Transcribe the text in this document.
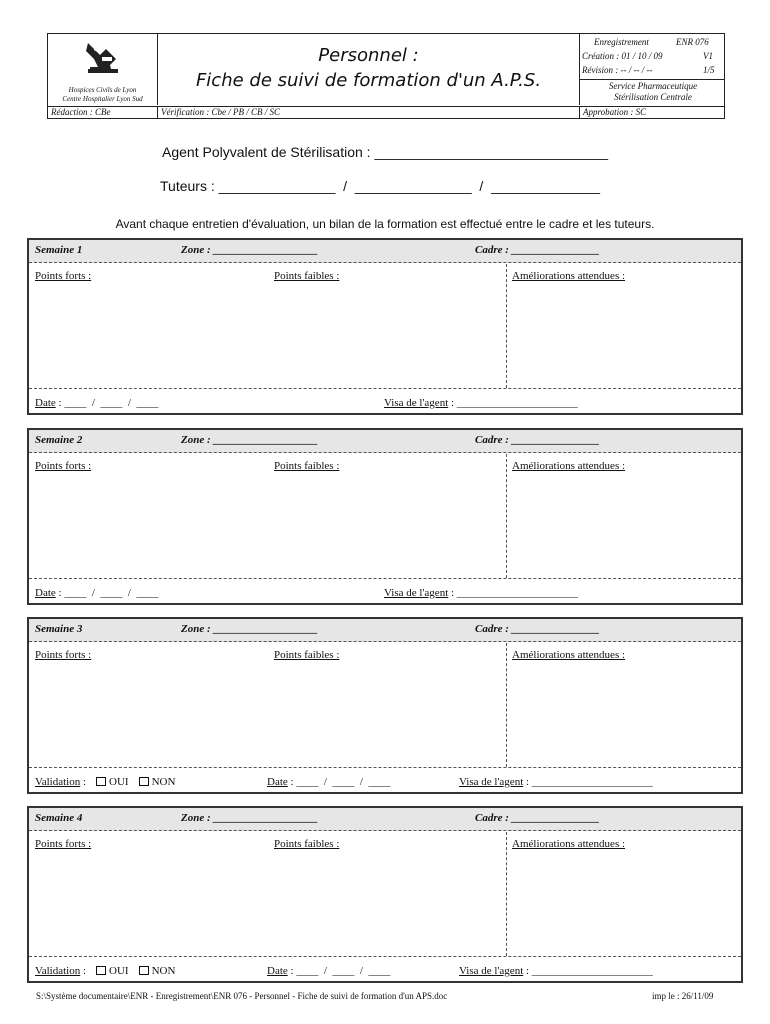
Hospices Civils de Lyon
Centre Hospitalier Lyon Sud
Personnel :
Fiche de suivi de formation d'un A.P.S.
Enregistrement	ENR 076
Création : 01 / 10 / 09	V1
Révision : -- / -- / --	1/5
Service Pharmaceutique
Stérilisation Centrale
Rédaction : CBe	Vérification : Cbe / PB / CB / SC	Approbation : SC
Agent Polyvalent de Stérilisation : ______________________________
Tuteurs : _______________  /  _______________  /  ______________
Avant chaque entretien d'évaluation, un bilan de la formation est effectué entre le cadre et les tuteurs.
Semaine 1	Zone : ___________________	Cadre : ________________
Points forts :	Points faibles :	Améliorations attendues :
Date : ____  /  ____  /  ____	Visa de l'agent : ______________________
Semaine 2	Zone : ___________________	Cadre : ________________
Points forts :	Points faibles :	Améliorations attendues :
Date : ____  /  ____  /  ____	Visa de l'agent : ______________________
Semaine 3	Zone : ___________________	Cadre : ________________
Points forts :	Points faibles :	Améliorations attendues :
Validation : OUI NON	Date : ____  /  ____  /  ____	Visa de l'agent : ______________________
Semaine 4	Zone : ___________________	Cadre : ________________
Points forts :	Points faibles :	Améliorations attendues :
Validation : OUI NON	Date : ____  /  ____  /  ____	Visa de l'agent : ______________________
S:\Système documentaire\ENR - Enregistrement\ENR 076 - Personnel - Fiche de suivi de formation d'un APS.doc	imp le : 26/11/09
